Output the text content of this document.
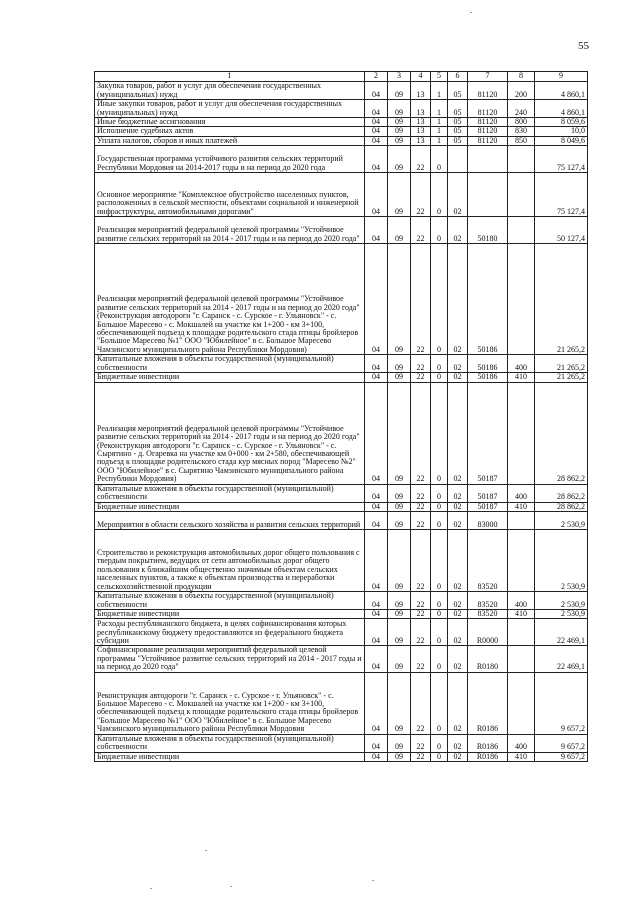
55
1	2	3	4	5	6	7	8	9
Закупка товаров, работ и услуг для обеспечения государственных (муниципальных) нужд	04	09	13	1	05	81120	200	4 860,1
Иные закупки товаров, работ и услуг для обеспечения государственных (муниципальных) нужд	04	09	13	1	05	81120	240	4 860,1
Иные бюджетные ассигнования	04	09	13	1	05	81120	800	8 059,6
Исполнение судебных актов	04	09	13	1	05	81120	830	10,0
Уплата налогов, сборов и иных платежей	04	09	13	1	05	81120	850	8 049,6
Государственная программа устойчивого развития сельских территорий Республики Мордовия на 2014-2017 годы и на период до 2020 года	04	09	22	0				75 127,4
Основное мероприятие "Комплексное обустройство населенных пунктов, расположенных в сельской местности, объектами социальной и инженерной инфраструктуры, автомобильными дорогами"	04	09	22	0	02			75 127,4
Реализация мероприятий федеральной целевой программы "Устойчивое развитие сельских территорий на 2014 - 2017 годы и на период до 2020 года"	04	09	22	0	02	50180		50 127,4
Реализация мероприятий федеральной целевой программы "Устойчивое развитие сельских территорий на 2014 - 2017 годы и на период до 2020 года" (Реконструкция автодороги "г. Саранск - с. Сурское - г. Ульяновск" - с. Большое Маресево - с. Мокшалей на участке км 1+200 - км 3+100, обеспечивающей подъезд к площадке родительского стада птицы бройлеров "Большое Маресево №1" ООО "Юбилейное" в с. Большое Маресево Чамзинского муниципального района Республики Мордовия)	04	09	22	0	02	50186		21 265,2
Капитальные вложения в объекты государственной (муниципальной) собственности	04	09	22	0	02	50186	400	21 265,2
Бюджетные инвестиции	04	09	22	0	02	50186	410	21 265,2
Реализация мероприятий федеральной целевой программы "Устойчивое развитие сельских территорий на 2014 - 2017 годы и на период до 2020 года" (Реконструкция автодороги "г. Саранск - с. Сурское - г. Ульяновск" - с. Сырятино - д. Огаревка на участке км 0+000 - км 2+580, обеспечивающей подъезд к площадке родительского стада кур мясных пород "Маресево №2" ООО "Юбилейное" в с. Сырятино Чамзинского муниципального района Республики Мордовия)	04	09	22	0	02	50187		28 862,2
Капитальные вложения в объекты государственной (муниципальной) собственности	04	09	22	0	02	50187	400	28 862,2
Бюджетные инвестиции	04	09	22	0	02	50187	410	28 862,2
Мероприятия в области сельского хозяйства и развития сельских территорий	04	09	22	0	02	83000		2 530,9
Строительство и реконструкция автомобильных дорог общего пользования с твердым покрытием, ведущих от сети автомобильных дорог общего пользования к ближайшим общественно значимым объектам сельских населенных пунктов, а также к объектам производства и переработки сельскохозяйственной продукции	04	09	22	0	02	83520		2 530,9
Капитальные вложения в объекты государственной (муниципальной) собственности	04	09	22	0	02	83520	400	2 530,9
Бюджетные инвестиции	04	09	22	0	02	83520	410	2 530,9
Расходы республиканского бюджета, в целях софинансирования которых республиканскому бюджету предоставляются из федерального бюджета субсидии	04	09	22	0	02	R0000		22 469,1
Софинансирование реализации мероприятий федеральной целевой программы "Устойчивое развитие сельских территорий на 2014 - 2017 годы и на период до 2020 года"	04	09	22	0	02	R0180		22 469,1
Реконструкция автодороги "г. Саранск - с. Сурское - г. Ульяновск" - с. Большое Маресево - с. Мокшалей на участке км 1+200 - км 3+100, обеспечивающей подъезд к площадке родительского стада птицы бройлеров "Большое Маресево №1" ООО "Юбилейное" в с. Большое Маресево Чамзинского муниципального района Республики Мордовия	04	09	22	0	02	R0186		9 657,2
Капитальные вложения в объекты государственной (муниципальной) собственности	04	09	22	0	02	R0186	400	9 657,2
Бюджетные инвестиции	04	09	22	0	02	R0186	410	9 657,2
